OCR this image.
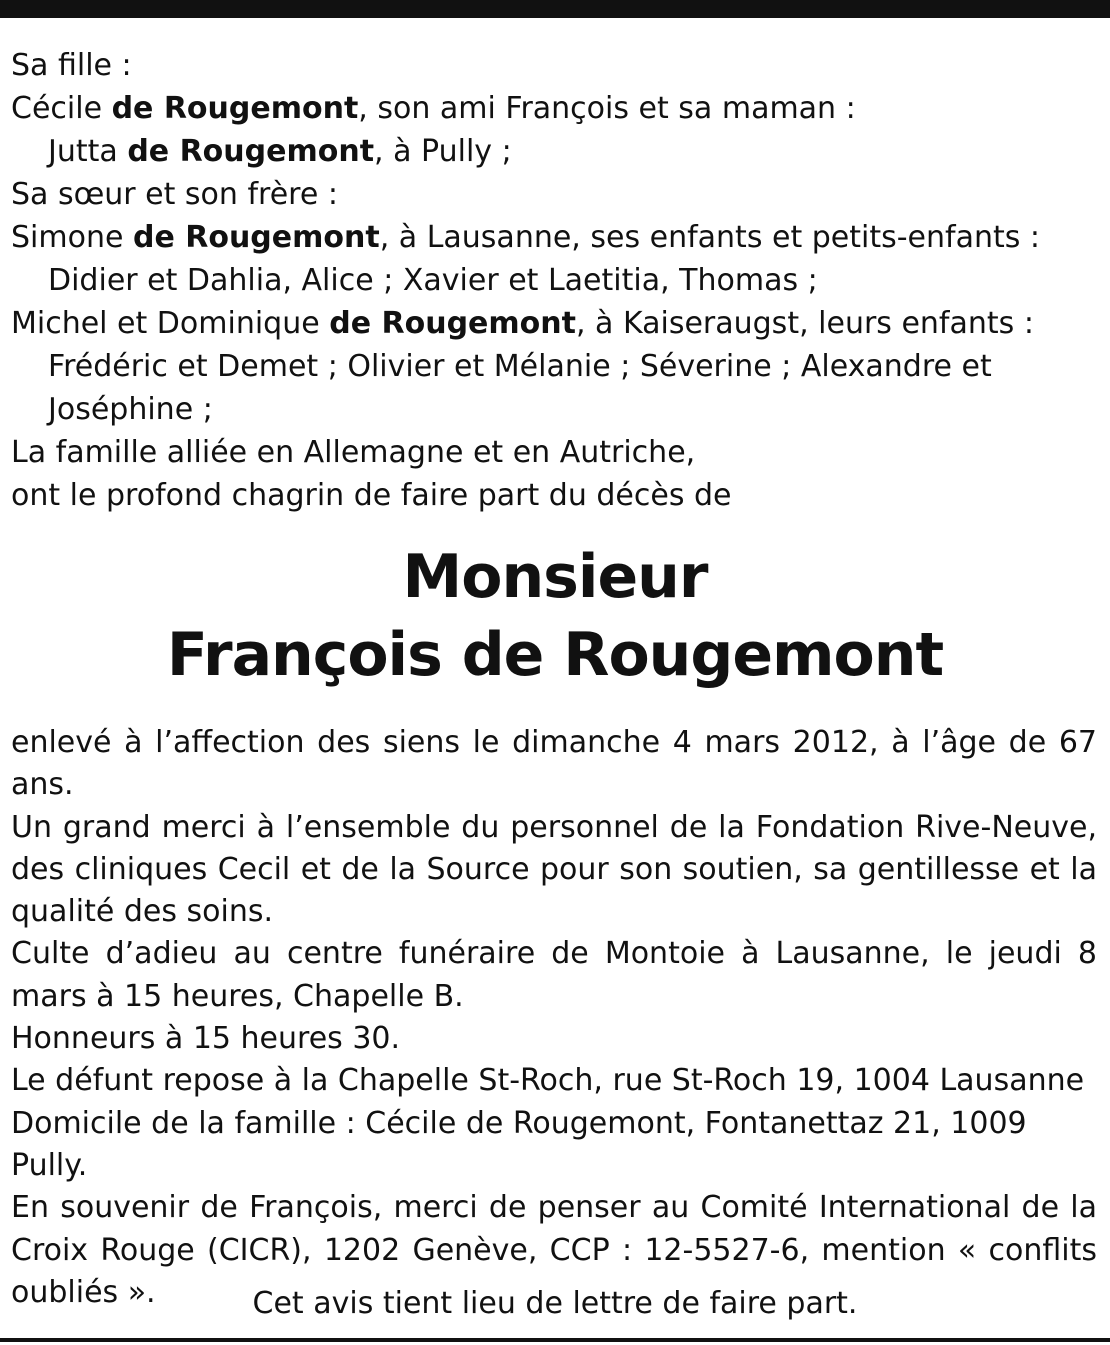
Sa fille :
Cécile de Rougemont, son ami François et sa maman :
Jutta de Rougemont, à Pully ;
Sa sœur et son frère :
Simone de Rougemont, à Lausanne, ses enfants et petits-enfants :
Didier et Dahlia, Alice ; Xavier et Laetitia, Thomas ;
Michel et Dominique de Rougemont, à Kaiseraugst, leurs enfants :
Frédéric et Demet ; Olivier et Mélanie ; Séverine ; Alexandre et Joséphine ;
La famille alliée en Allemagne et en Autriche,
ont le profond chagrin de faire part du décès de
Monsieur
François de Rougemont
enlevé à l’affection des siens le dimanche 4 mars 2012, à l’âge de 67 ans.
Un grand merci à l’ensemble du personnel de la Fondation Rive-Neuve, des cliniques Cecil et de la Source pour son soutien, sa gentillesse et la qualité des soins.
Culte d’adieu au centre funéraire de Montoie à Lausanne, le jeudi 8 mars à 15 heures, Chapelle B.
Honneurs à 15 heures 30.
Le défunt repose à la Chapelle St-Roch, rue St-Roch 19, 1004 Lausanne
Domicile de la famille : Cécile de Rougemont, Fontanettaz 21, 1009 Pully.
En souvenir de François, merci de penser au Comité International de la Croix Rouge (CICR), 1202 Genève, CCP : 12-5527-6, mention « conflits oubliés ».	Cet avis tient lieu de lettre de faire part.
